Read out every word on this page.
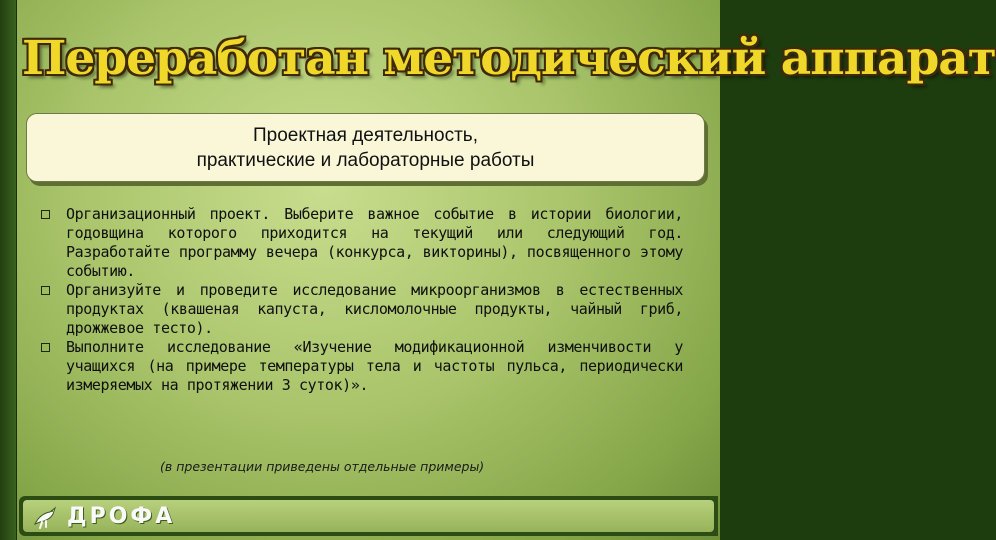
Переработан методический аппарат
Проектная деятельность,
практические и лабораторные работы
Организационный проект. Выберите важное событие в истории биологии, годовщина которого приходится на текущий или следующий год. Разработайте программу вечера (конкурса, викторины), посвященного этому событию.
Организуйте и проведите исследование микроорганизмов в естественных продуктах (квашеная капуста, кисломолочные продукты, чайный гриб, дрожжевое тесто).
Выполните исследование «Изучение модификационной изменчивости у учащихся (на примере температуры тела и частоты пульса, периодически измеряемых на протяжении 3 суток)».

(в презентации приведены отдельные примеры)

ДРОФА
